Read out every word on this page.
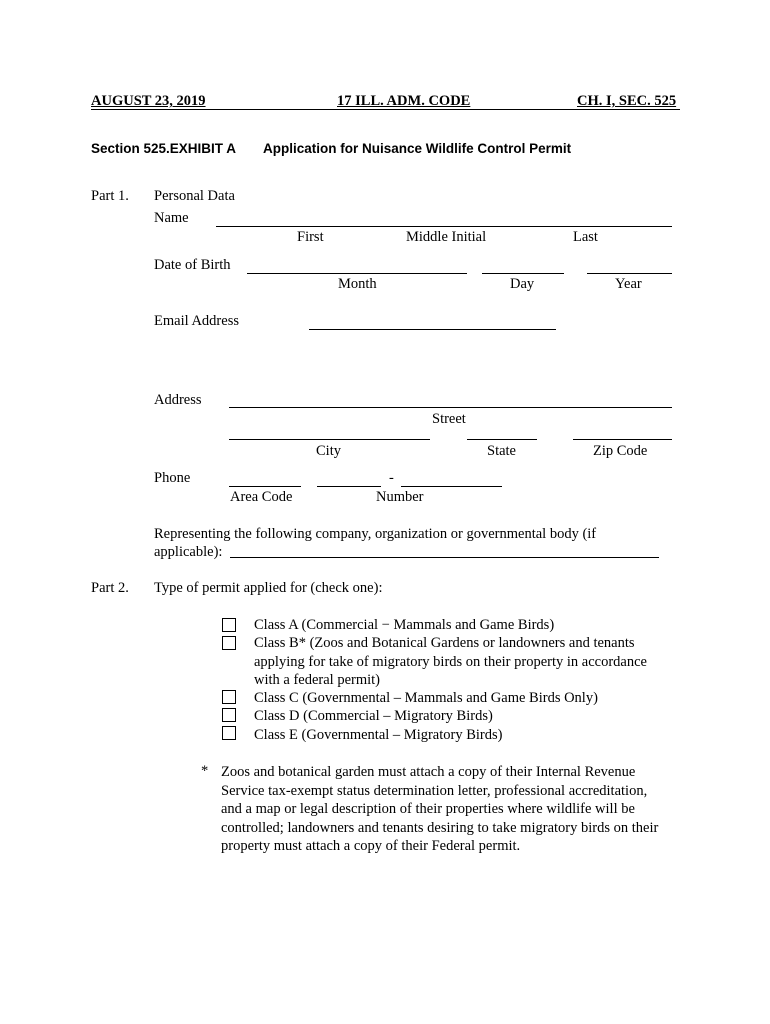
AUGUST 23, 2019	17 ILL. ADM. CODE	CH. I, SEC. 525
Section 525.EXHIBIT A Application for Nuisance Wildlife Control Permit
Part 1. Personal Data
Name
First	Middle Initial	Last
Date of Birth
Month	Day	Year
Email Address
Address
Street
City	State	Zip Code
Phone	-
Area Code	Number
Representing the following company, organization or governmental body (if
applicable):
Part 2. Type of permit applied for (check one):
Class A (Commercial − Mammals and Game Birds)
Class B* (Zoos and Botanical Gardens or landowners and tenants
applying for take of migratory birds on their property in accordance
with a federal permit)
Class C (Governmental – Mammals and Game Birds Only)
Class D (Commercial – Migratory Birds)
Class E (Governmental – Migratory Birds)
* Zoos and botanical garden must attach a copy of their Internal Revenue Service tax-exempt status determination letter, professional accreditation, and a map or legal description of their properties where wildlife will be controlled; landowners and tenants desiring to take migratory birds on their property must attach a copy of their Federal permit.
